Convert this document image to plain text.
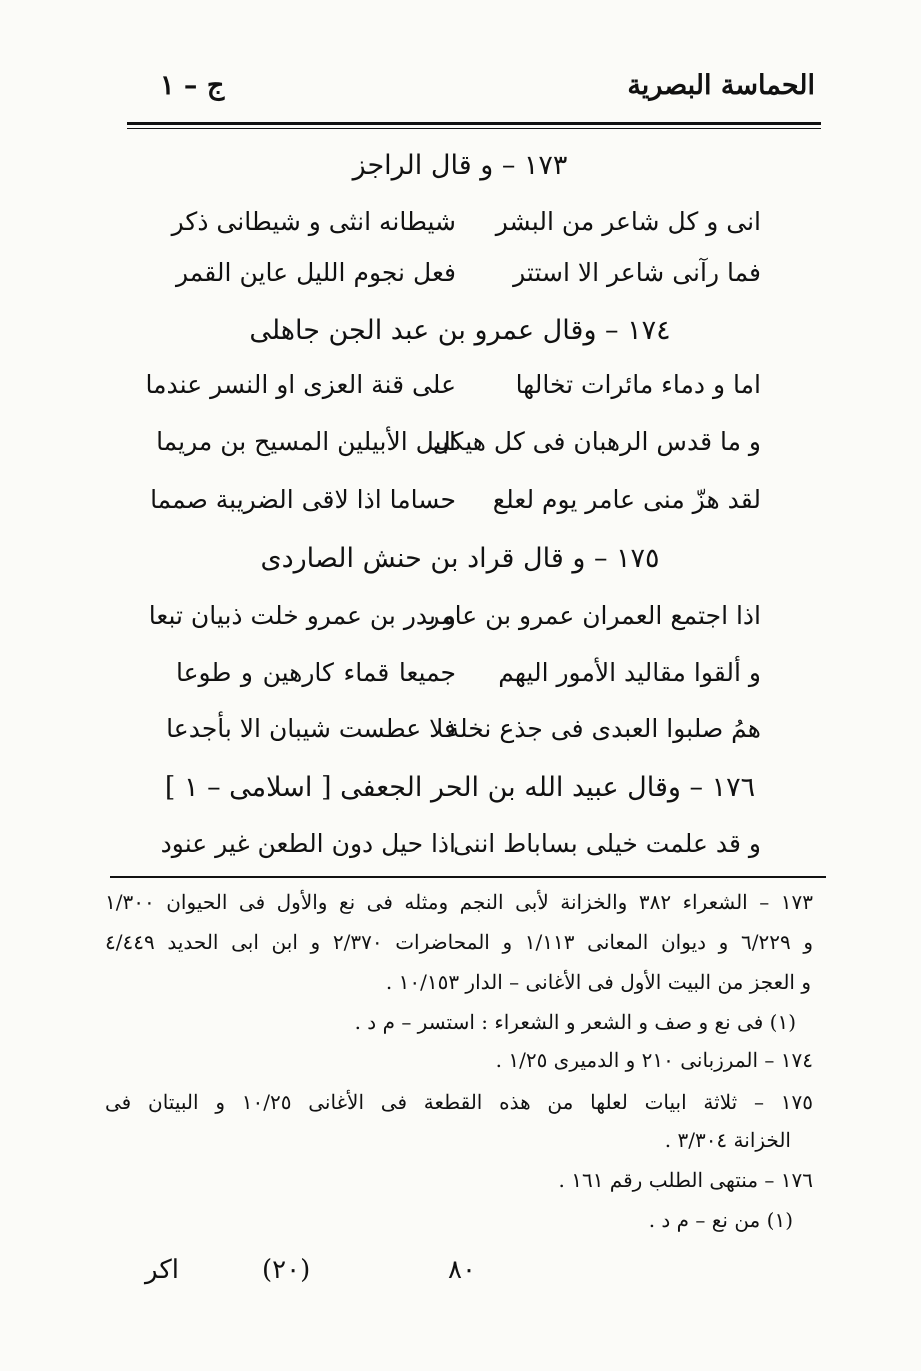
الحماسة البصرية
ج – ١
١٧٣ – و قال الراجز
انى و كل شاعر من البشر
شيطانه انثى و شيطانى ذكر
فما رآنى شاعر الا استتر
فعل نجوم الليل عاين القمر
١٧٤ – وقال عمرو بن عبد الجن جاهلى
اما و دماء مائرات تخالها
على قنة العزى او النسر عندما
و ما قدس الرهبان فى كل هيكل
ابيل الأبيلين المسيح بن مريما
لقد هزّ منى عامر يوم لعلع
حساما اذا لاقى الضريبة صمما
١٧٥ – و قال قراد بن حنش الصاردى
اذا اجتمع العمران عمرو بن عامر
و بدر بن عمرو خلت ذبيان تبعا
و ألقوا مقاليد الأمور اليهم
جميعا قماء كارهين و طوعا
همُ صلبوا العبدى فى جذع نخلة
فلا عطست شيبان الا بأجدعا
١٧٦ – وقال عبيد الله بن الحر الجعفى [ اسلامى – ١ ]
و قد علمت خيلى بساباط اننى
اذا حيل دون الطعن غير عنود
١٧٣ – الشعراء ٣٨٢ والخزانة لأبى النجم ومثله فى نع والأول فى الحيوان ١/٣٠٠
و ٦/٢٢٩ و ديوان المعانى ١/١١٣ و المحاضرات ٢/٣٧٠ و ابن ابى الحديد ٤/٤٤٩
و العجز من البيت الأول فى الأغانى – الدار ١٠/١٥٣ .
(١) فى نع و صف و الشعر و الشعراء : استسر – م د .
١٧٤ – المرزبانى ٢١٠ و الدميرى ١/٢٥ .
١٧٥ – ثلاثة ابيات لعلها من هذه القطعة فى الأغانى ١٠/٢٥ و البيتان فى
الخزانة ٣/٣٠٤ .
١٧٦ – منتهى الطلب رقم ١٦١ .
(١) من نع – م د .
٨٠
(٢٠)
اكر
